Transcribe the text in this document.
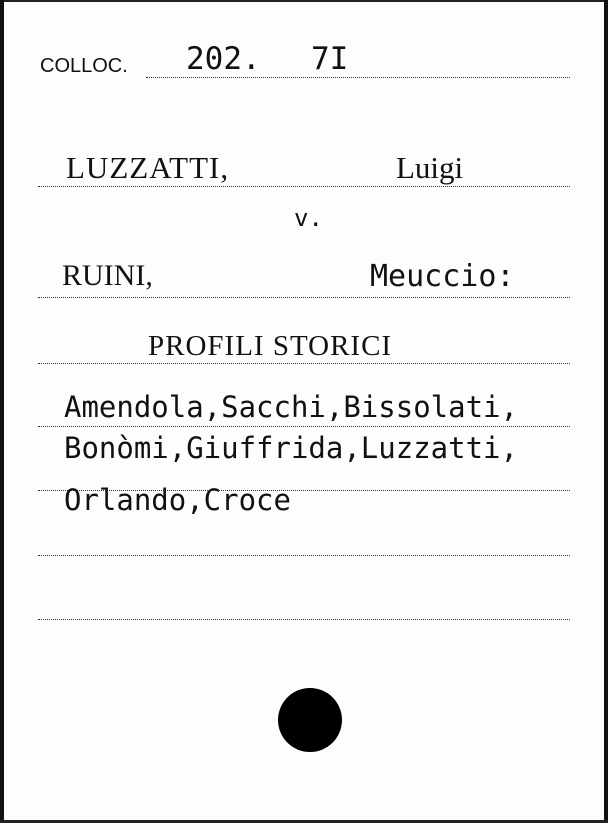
COLLOC. 202. 7I
LUZZATTI,	Luigi
v.
RUINI,	Meuccio:
PROFILI STORICI
Amendola,Sacchi,Bissolati,
Bonòmi,Giuffrida,Luzzatti,
Orlando,Croce
